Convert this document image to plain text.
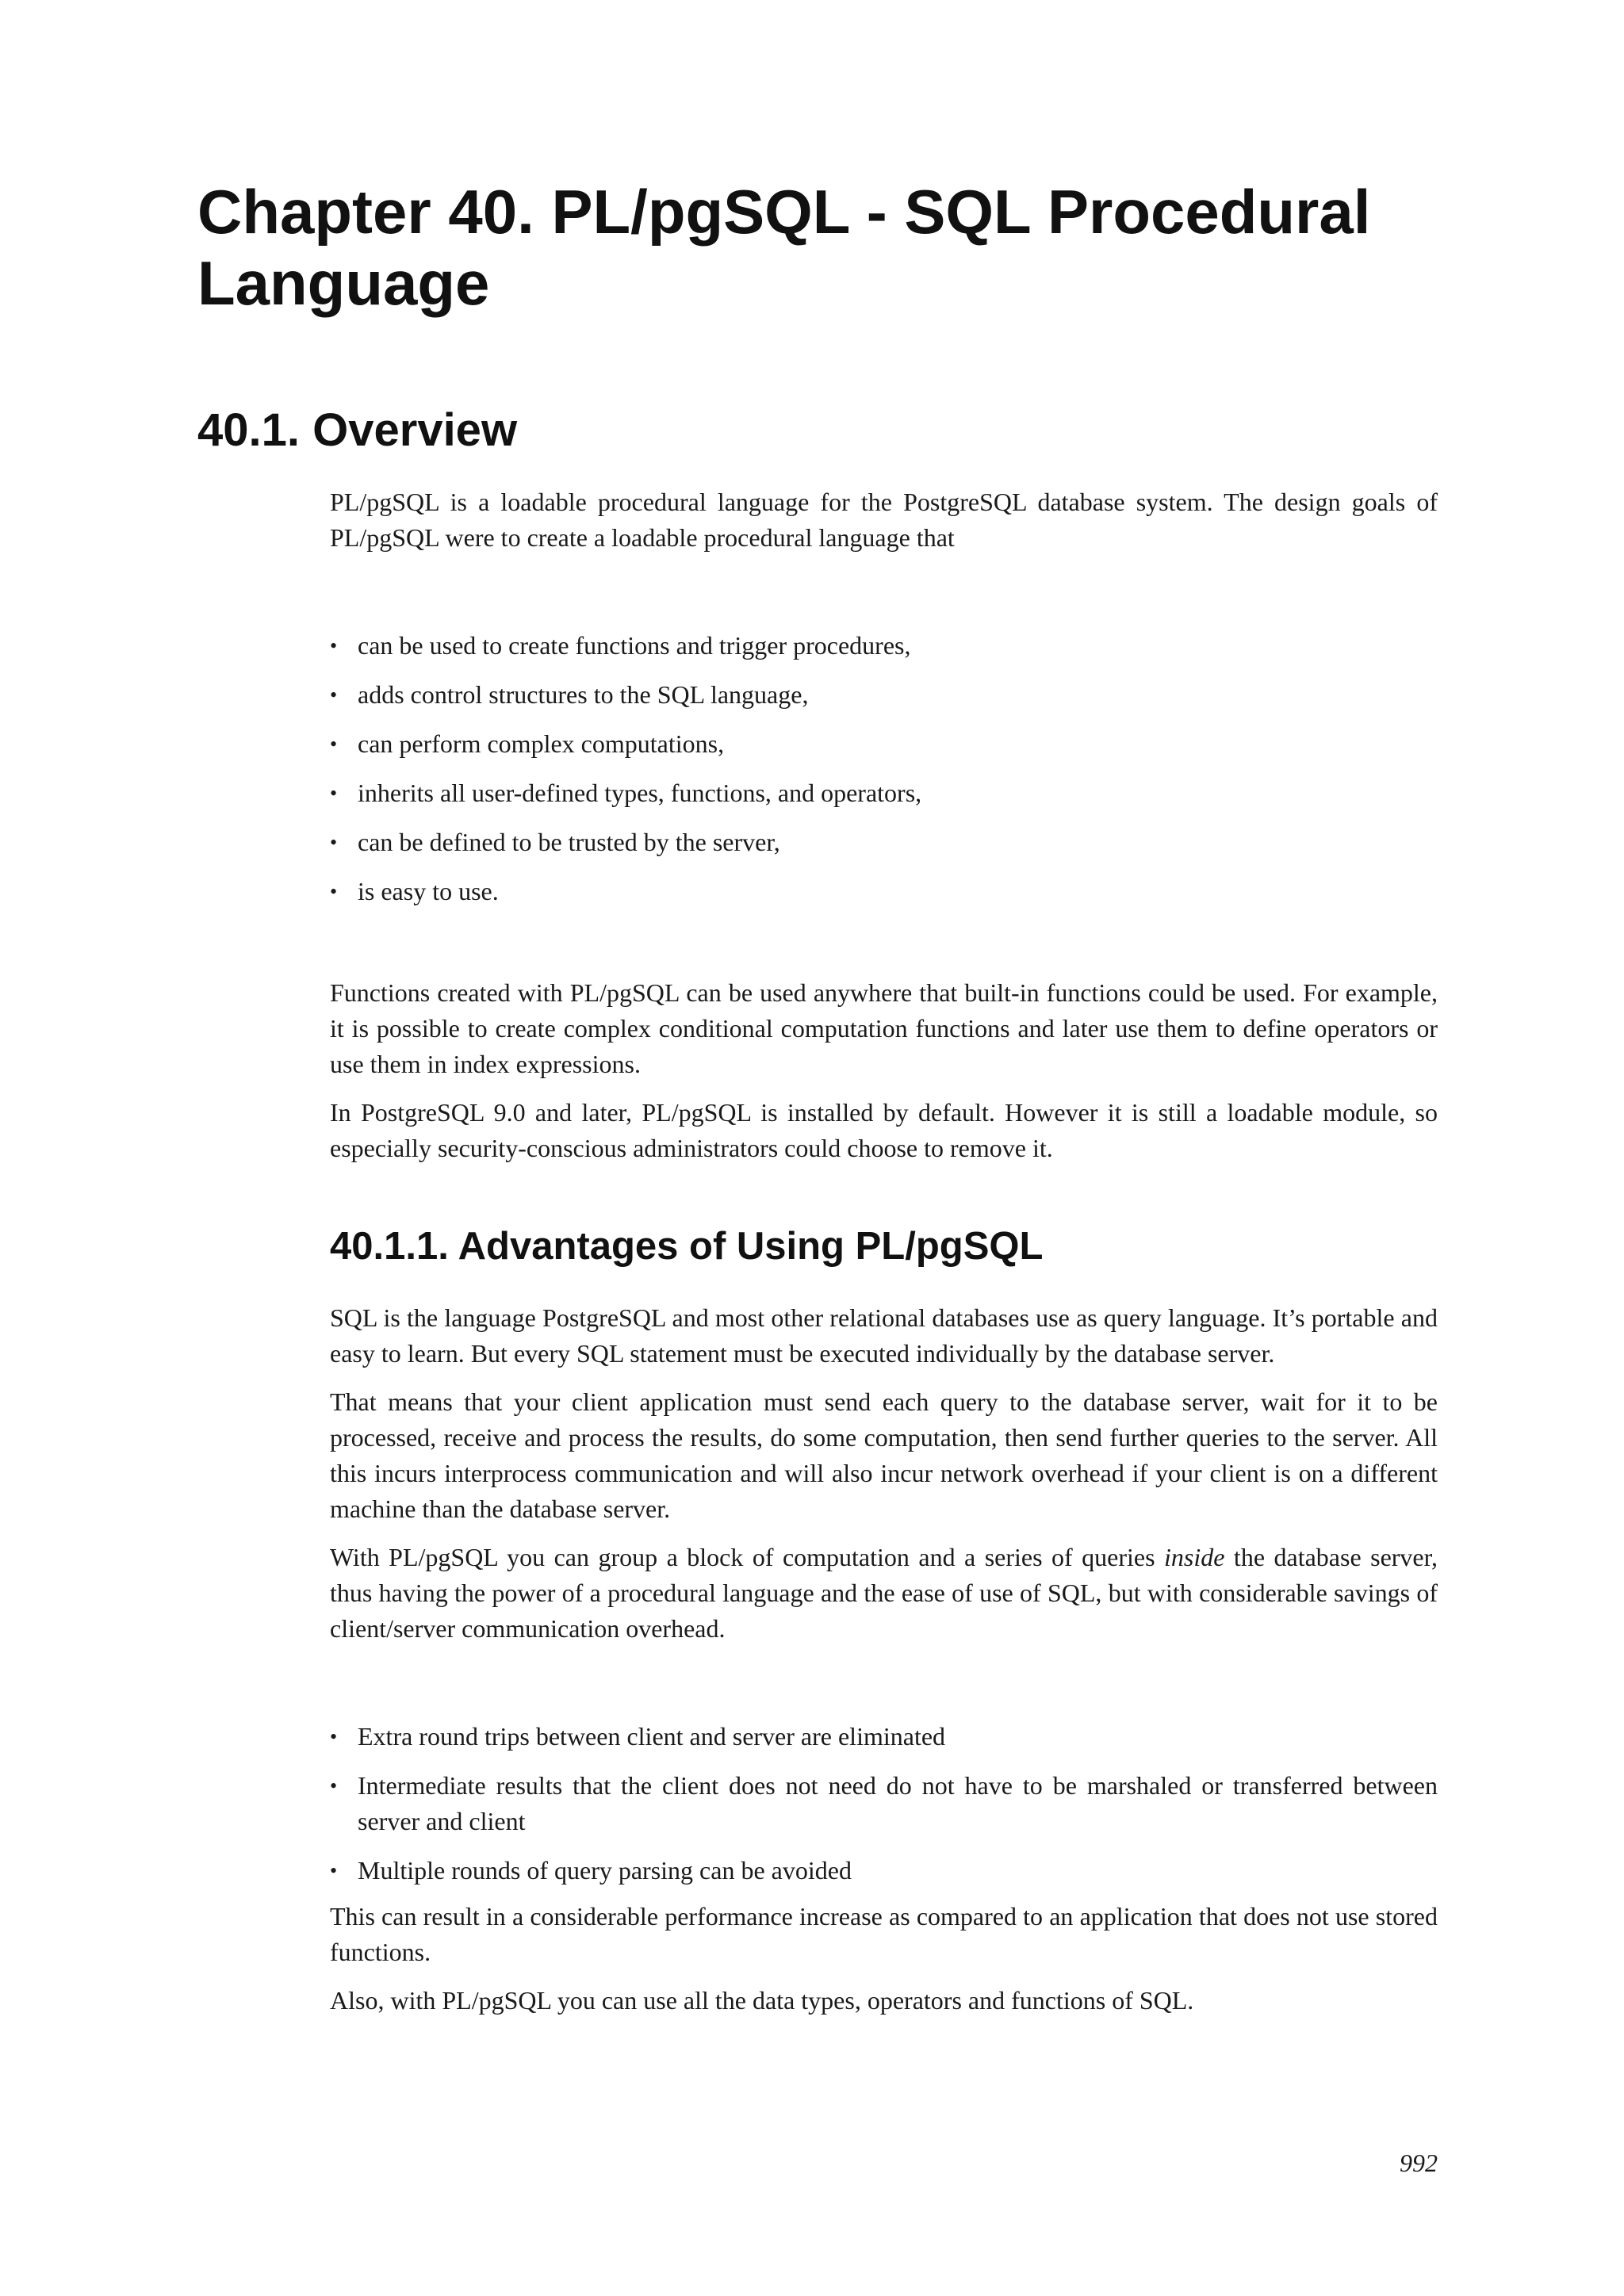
Chapter 40. PL/pgSQL - SQL Procedural
Language
40.1. Overview

PL/pgSQL is a loadable procedural language for the PostgreSQL database system. The design goals of PL/pgSQL were to create a loadable procedural language that

• can be used to create functions and trigger procedures,
• adds control structures to the SQL language,
• can perform complex computations,
• inherits all user-defined types, functions, and operators,
• can be defined to be trusted by the server,
• is easy to use.

Functions created with PL/pgSQL can be used anywhere that built-in functions could be used. For example, it is possible to create complex conditional computation functions and later use them to define operators or use them in index expressions.

In PostgreSQL 9.0 and later, PL/pgSQL is installed by default. However it is still a loadable module, so especially security-conscious administrators could choose to remove it.

40.1.1. Advantages of Using PL/pgSQL

SQL is the language PostgreSQL and most other relational databases use as query language. It’s portable and easy to learn. But every SQL statement must be executed individually by the database server.

That means that your client application must send each query to the database server, wait for it to be processed, receive and process the results, do some computation, then send further queries to the server. All this incurs interprocess communication and will also incur network overhead if your client is on a different machine than the database server.

With PL/pgSQL you can group a block of computation and a series of queries inside the database server, thus having the power of a procedural language and the ease of use of SQL, but with considerable savings of client/server communication overhead.

• Extra round trips between client and server are eliminated
• Intermediate results that the client does not need do not have to be marshaled or transferred between server and client
• Multiple rounds of query parsing can be avoided

This can result in a considerable performance increase as compared to an application that does not use stored functions.

Also, with PL/pgSQL you can use all the data types, operators and functions of SQL.

992
